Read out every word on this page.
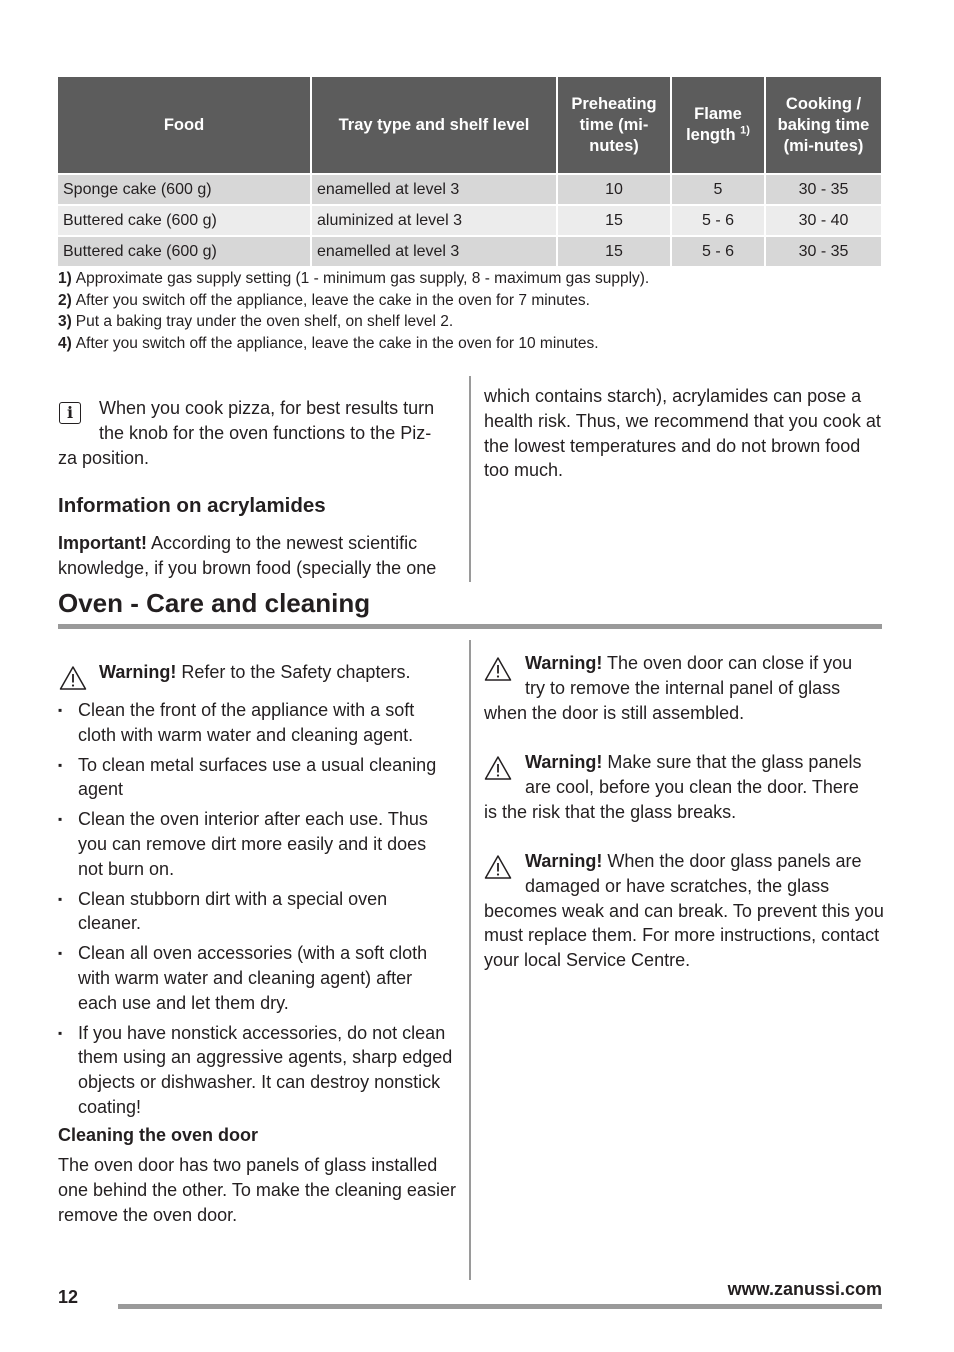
Food	Tray type and shelf level	Preheating time (mi-nutes)	Flame length $^{1)}$	Cooking / baking time (mi-nutes)
Sponge cake (600 g)	enamelled at level 3	10	5	30 - 35
Buttered cake (600 g)	aluminized at level 3	15	5 - 6	30 - 40
Buttered cake (600 g)	enamelled at level 3	15	5 - 6	30 - 35
1) Approximate gas supply setting (1 - minimum gas supply, 8 - maximum gas supply).
2) After you switch off the appliance, leave the cake in the oven for 7 minutes.
3) Put a baking tray under the oven shelf, on shelf level 2.
4) After you switch off the appliance, leave the cake in the oven for 10 minutes.
i	When you cook pizza, for best results turn
the knob for the oven functions to the Piz-
za position.
Information on acrylamides
Important! According to the newest scientific knowledge, if you brown food (specially the one
which contains starch), acrylamides can pose a health risk. Thus, we recommend that you cook at the lowest temperatures and do not brown food too much.
Oven - Care and cleaning
Warning! Refer to the Safety chapters.
▪ Clean the front of the appliance with a soft cloth with warm water and cleaning agent.
▪ To clean metal surfaces use a usual cleaning agent
▪ Clean the oven interior after each use. Thus you can remove dirt more easily and it does not burn on.
▪ Clean stubborn dirt with a special oven cleaner.
▪ Clean all oven accessories (with a soft cloth with warm water and cleaning agent) after each use and let them dry.
▪ If you have nonstick accessories, do not clean them using an aggressive agents, sharp edged objects or dishwasher. It can destroy nonstick coating!
Cleaning the oven door
The oven door has two panels of glass installed one behind the other. To make the cleaning easier remove the oven door.
Warning! The oven door can close if you
try to remove the internal panel of glass
when the door is still assembled.
Warning! Make sure that the glass panels
are cool, before you clean the door. There
is the risk that the glass breaks.
Warning! When the door glass panels are
damaged or have scratches, the glass
becomes weak and can break. To prevent this you must replace them. For more instructions, contact your local Service Centre.
12	www.zanussi.com
